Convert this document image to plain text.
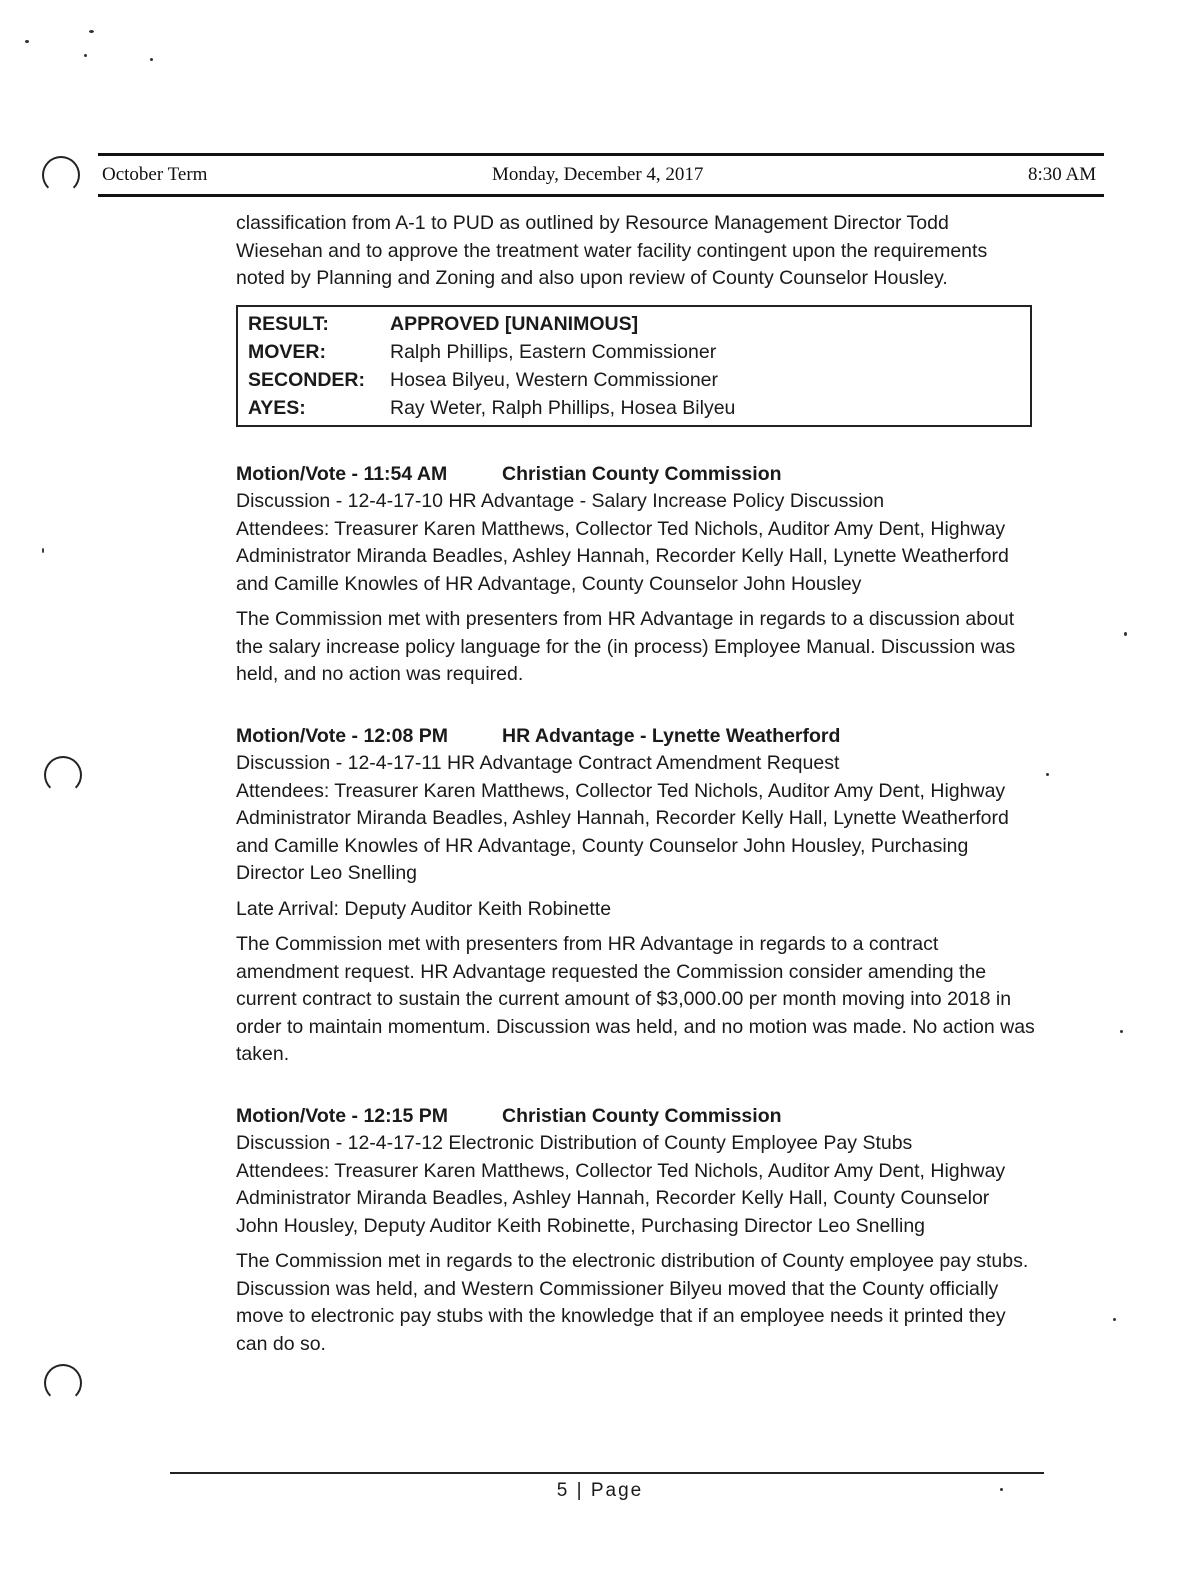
October Term	Monday, December 4, 2017	8:30 AM

classification from A-1 to PUD as outlined by Resource Management Director Todd Wiesehan and to approve the treatment water facility contingent upon the requirements noted by Planning and Zoning and also upon review of County Counselor Housley.

RESULT:	APPROVED [UNANIMOUS]
MOVER:	Ralph Phillips, Eastern Commissioner
SECONDER:	Hosea Bilyeu, Western Commissioner
AYES:	Ray Weter, Ralph Phillips, Hosea Bilyeu
Motion/Vote - 11:54 AM	Christian County Commission

Discussion - 12-4-17-10 HR Advantage - Salary Increase Policy Discussion

Attendees: Treasurer Karen Matthews, Collector Ted Nichols, Auditor Amy Dent, Highway Administrator Miranda Beadles, Ashley Hannah, Recorder Kelly Hall, Lynette Weatherford and Camille Knowles of HR Advantage, County Counselor John Housley

The Commission met with presenters from HR Advantage in regards to a discussion about the salary increase policy language for the (in process) Employee Manual. Discussion was held, and no action was required.

Motion/Vote - 12:08 PM	HR Advantage - Lynette Weatherford

Discussion - 12-4-17-11 HR Advantage Contract Amendment Request

Attendees: Treasurer Karen Matthews, Collector Ted Nichols, Auditor Amy Dent, Highway Administrator Miranda Beadles, Ashley Hannah, Recorder Kelly Hall, Lynette Weatherford and Camille Knowles of HR Advantage, County Counselor John Housley, Purchasing Director Leo Snelling

Late Arrival: Deputy Auditor Keith Robinette

The Commission met with presenters from HR Advantage in regards to a contract amendment request. HR Advantage requested the Commission consider amending the current contract to sustain the current amount of $3,000.00 per month moving into 2018 in order to maintain momentum. Discussion was held, and no motion was made. No action was taken.

Motion/Vote - 12:15 PM	Christian County Commission

Discussion - 12-4-17-12 Electronic Distribution of County Employee Pay Stubs

Attendees: Treasurer Karen Matthews, Collector Ted Nichols, Auditor Amy Dent, Highway Administrator Miranda Beadles, Ashley Hannah, Recorder Kelly Hall, County Counselor John Housley, Deputy Auditor Keith Robinette, Purchasing Director Leo Snelling

The Commission met in regards to the electronic distribution of County employee pay stubs. Discussion was held, and Western Commissioner Bilyeu moved that the County officially move to electronic pay stubs with the knowledge that if an employee needs it printed they can do so.

5 | Page
